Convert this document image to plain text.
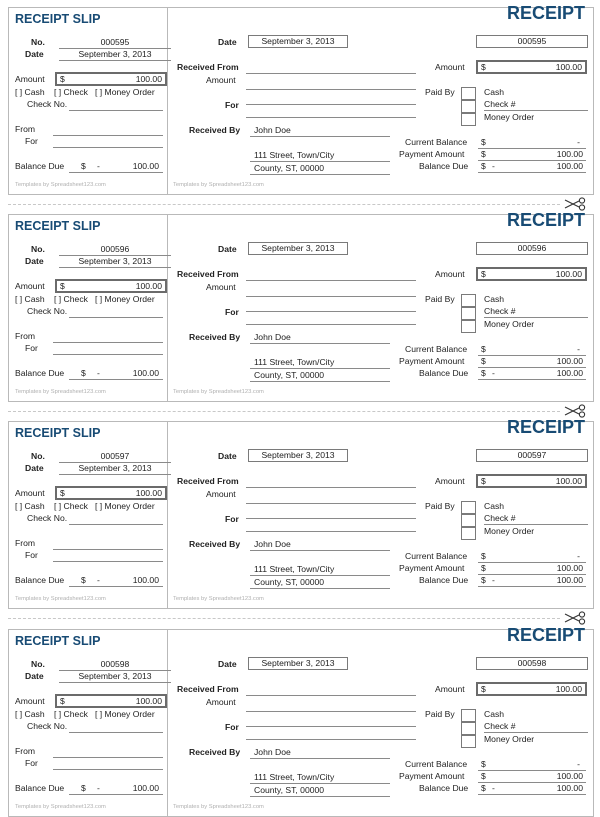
RECEIPT SLIP
No.	000595
Date	September 3, 2013
Amount $	100.00
[ ] Cash [ ] Check [ ] Money Order
Check No.
From
For
Balance Due $ -	100.00
Templates by Spreadsheet123.com
RECEIPT
Date	September 3, 2013	000595
Received From
Amount
Amount $	100.00
For
Paid By	Cash
Check #
Money Order
Received By	John Doe
111 Street, Town/City
County, ST, 00000
Current Balance $	-
Payment Amount $	100.00
Balance Due $ -	100.00
Templates by Spreadsheet123.com
RECEIPT SLIP
No.	000596
Date	September 3, 2013
Amount $	100.00
[ ] Cash [ ] Check [ ] Money Order
Check No.
From
For
Balance Due $ -	100.00
Templates by Spreadsheet123.com
RECEIPT
Date	September 3, 2013	000596
Received From
Amount
Amount $	100.00
For
Paid By	Cash
Check #
Money Order
Received By	John Doe
111 Street, Town/City
County, ST, 00000
Current Balance $	-
Payment Amount $	100.00
Balance Due $ -	100.00
Templates by Spreadsheet123.com
RECEIPT SLIP
No.	000597
Date	September 3, 2013
Amount $	100.00
[ ] Cash [ ] Check [ ] Money Order
Check No.
From
For
Balance Due $ -	100.00
Templates by Spreadsheet123.com
RECEIPT
Date	September 3, 2013	000597
Received From
Amount
Amount $	100.00
For
Paid By	Cash
Check #
Money Order
Received By	John Doe
111 Street, Town/City
County, ST, 00000
Current Balance $	-
Payment Amount $	100.00
Balance Due $ -	100.00
Templates by Spreadsheet123.com
RECEIPT SLIP
No.	000598
Date	September 3, 2013
Amount $	100.00
[ ] Cash [ ] Check [ ] Money Order
Check No.
From
For
Balance Due $ -	100.00
Templates by Spreadsheet123.com
RECEIPT
Date	September 3, 2013	000598
Received From
Amount
Amount $	100.00
For
Paid By	Cash
Check #
Money Order
Received By	John Doe
111 Street, Town/City
County, ST, 00000
Current Balance $	-
Payment Amount $	100.00
Balance Due $ -	100.00
Templates by Spreadsheet123.com
